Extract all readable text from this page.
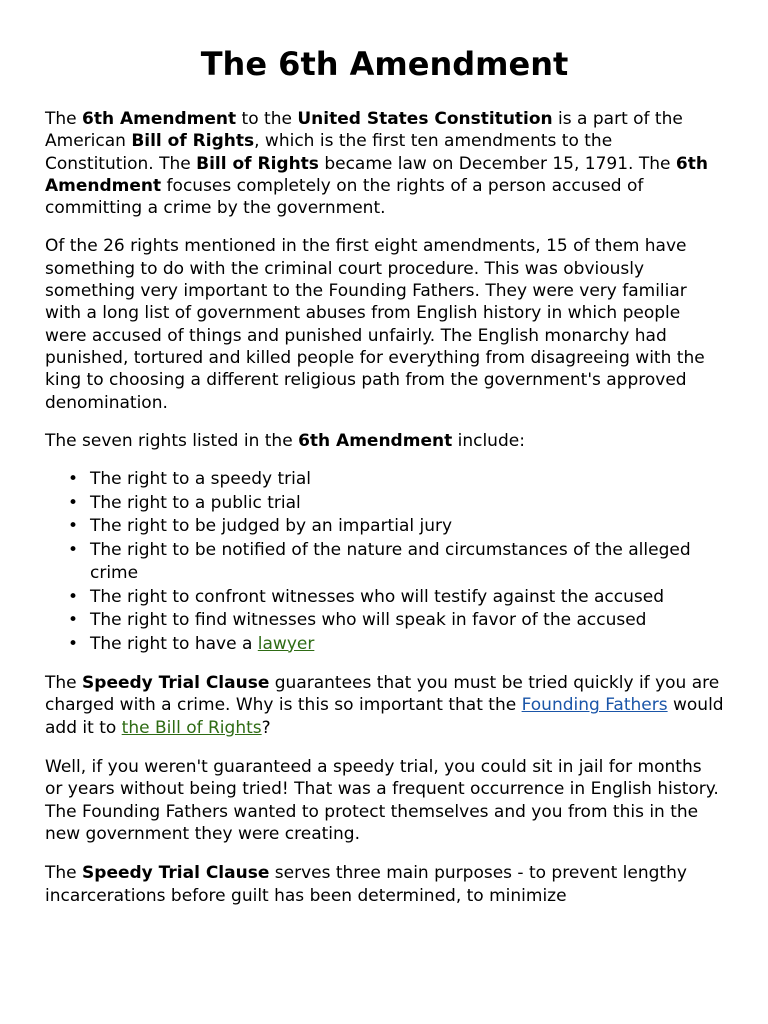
The 6th Amendment

The 6th Amendment to the United States Constitution is a part of the American Bill of Rights, which is the first ten amendments to the Constitution. The Bill of Rights became law on December 15, 1791. The 6th Amendment focuses completely on the rights of a person accused of committing a crime by the government.

Of the 26 rights mentioned in the first eight amendments, 15 of them have something to do with the criminal court procedure. This was obviously something very important to the Founding Fathers. They were very familiar with a long list of government abuses from English history in which people were accused of things and punished unfairly. The English monarchy had punished, tortured and killed people for everything from disagreeing with the king to choosing a different religious path from the government's approved denomination.

The seven rights listed in the 6th Amendment include:

• The right to a speedy trial
• The right to a public trial
• The right to be judged by an impartial jury
• The right to be notified of the nature and circumstances of the alleged crime
• The right to confront witnesses who will testify against the accused
• The right to find witnesses who will speak in favor of the accused
• The right to have a lawyer

The Speedy Trial Clause guarantees that you must be tried quickly if you are charged with a crime. Why is this so important that the Founding Fathers would add it to the Bill of Rights?

Well, if you weren't guaranteed a speedy trial, you could sit in jail for months or years without being tried! That was a frequent occurrence in English history. The Founding Fathers wanted to protect themselves and you from this in the new government they were creating.

The Speedy Trial Clause serves three main purposes - to prevent lengthy incarcerations before guilt has been determined, to minimize
